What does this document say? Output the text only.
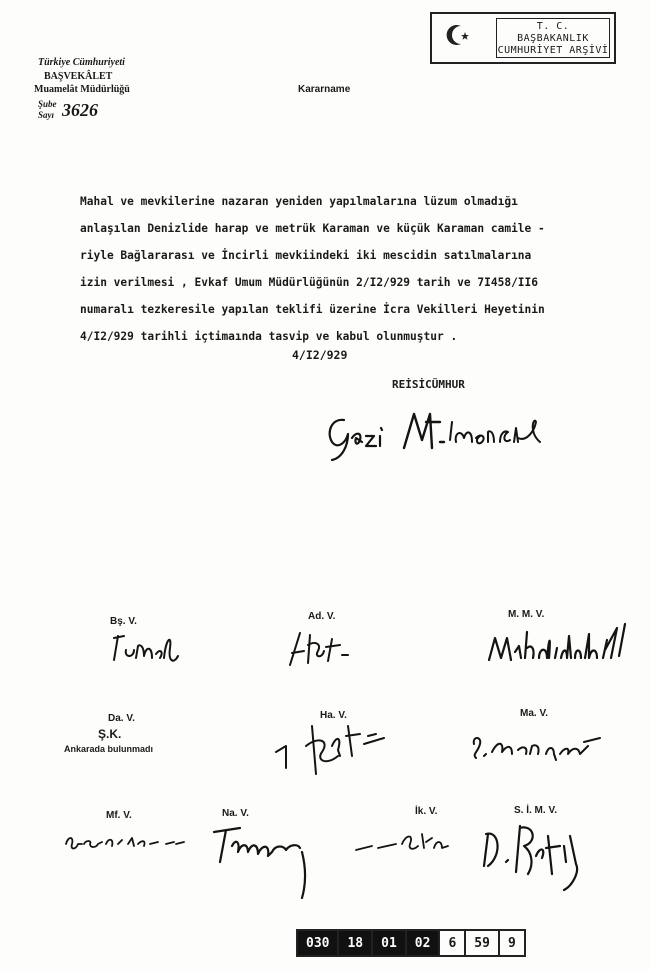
T. C.
BAŞBAKANLIK
CUMHURİYET ARŞİVİ
Türkiye Cümhuriyeti
BAŞVEKÂLET
Muamelât Müdürlüğü
Şube
Sayı 3626
Kararname
Mahal ve mevkilerine nazaran yeniden yapılmalarına lüzum olmadığı
anlaşılan Denizlide harap ve metrük Karaman ve küçük Karaman camile -
riyle Bağlararası ve İncirli mevkiindeki iki mescidin satılmalarına
izin verilmesi , Evkaf Umum Müdürlüğünün 2/I2/929 tarih ve 7I458/II6
numaralı tezkeresile yapılan teklifi üzerine İcra Vekilleri Heyetinin
4/I2/929 tarihli içtimaında tasvip ve kabul olunmuştur .
4/I2/929
REİSİCÜMHUR
Bş. V.	Ad. V.	M. M. V.
Da. V.
Ş.K.
Ankarada bulunmadı
Ha. V.	Ma. V.
Mf. V.	Na. V.	İk. V.	S. İ. M. V.
030	18	01	02	6	59	9
